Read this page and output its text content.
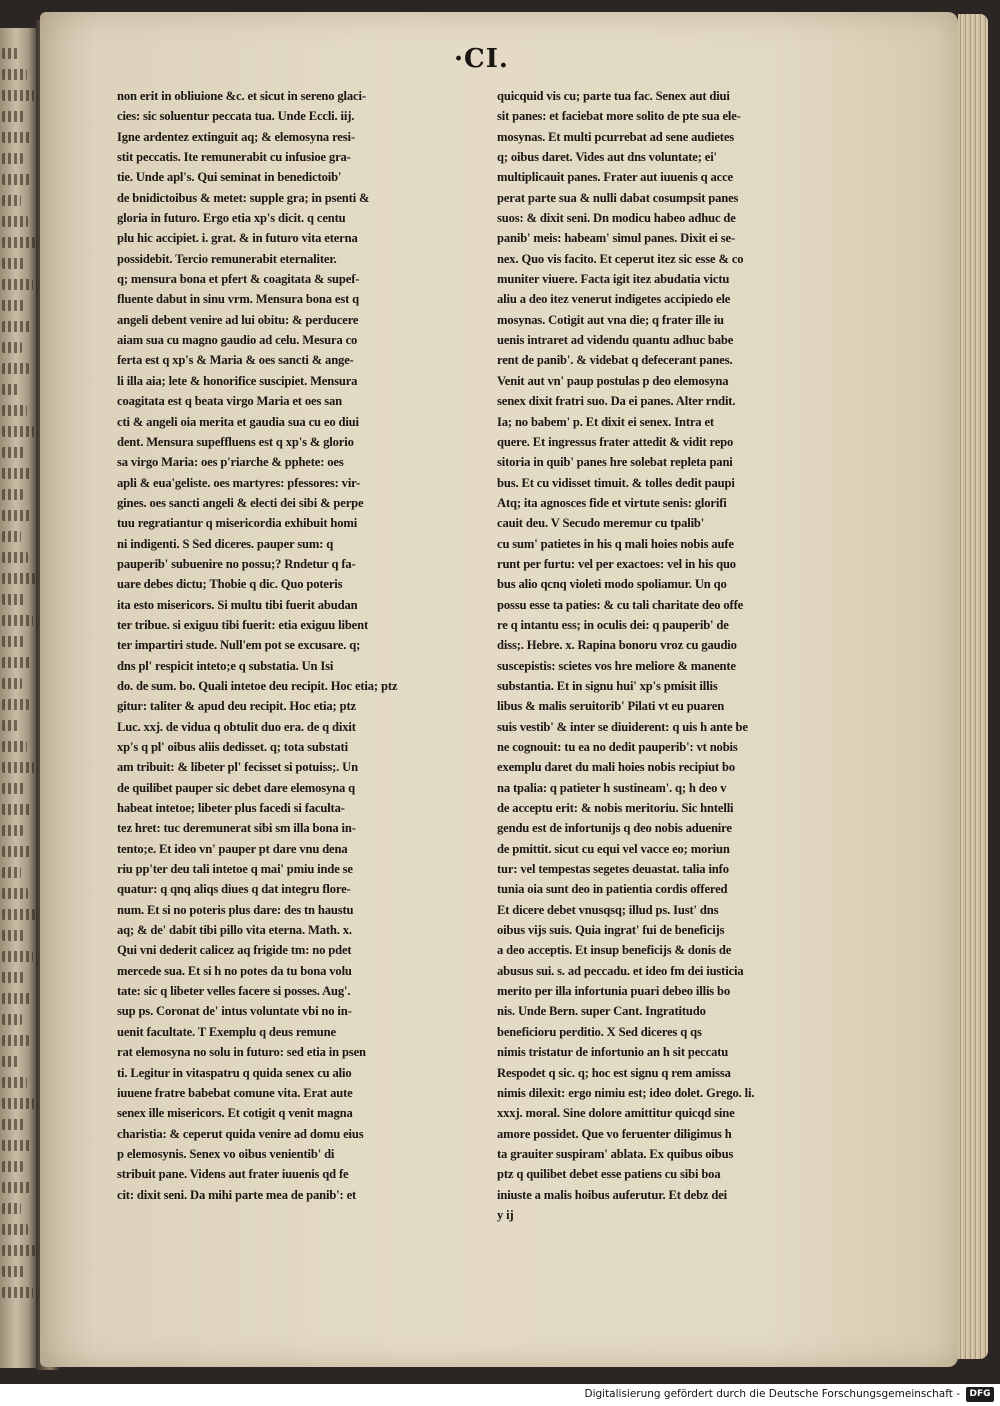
·CI.
non erit in obliuione &c. et sicut in sereno glaci-
cies: sic soluentur peccata tua. Unde Eccli. iij.
Igne ardentez extinguit aq; & elemosyna resi-
stit peccatis. Ite remunerabit cu infusioe gra-
tie. Unde apl's. Qui seminat in benedictoib'
de bnidictoibus & metet: supple gra; in psenti &
gloria in futuro. Ergo etia xp's dicit. q centu
plu hic accipiet. i. grat. & in futuro vita eterna
possidebit. Tercio remunerabit eternaliter.
q; mensura bona et pfert & coagitata & supef-
fluente dabut in sinu vrm. Mensura bona est q
angeli debent venire ad lui obitu: & perducere
aiam sua cu magno gaudio ad celu. Mesura co
ferta est q xp's & Maria & oes sancti & ange-
li illa aia; lete & honorifice suscipiet. Mensura
coagitata est q beata virgo Maria et oes san
cti & angeli oia merita et gaudia sua cu eo diui
dent. Mensura supeffluens est q xp's & glorio
sa virgo Maria: oes p'riarche & pphete: oes
apli & eua'geliste. oes martyres: pfessores: vir-
gines. oes sancti angeli & electi dei sibi & perpe
tuu regratiantur q misericordia exhibuit homi
ni indigenti. S Sed diceres. pauper sum: q
pauperib' subuenire no possu;? Rndetur q fa-
uare debes dictu; Thobie q dic. Quo poteris
ita esto misericors. Si multu tibi fuerit abudan
ter tribue. si exiguu tibi fuerit: etia exiguu libent
ter impartiri stude. Null'em pot se excusare. q;
dns pl' respicit inteto;e q substatia. Un Isi
do. de sum. bo. Quali intetoe deu recipit. Hoc etia; ptz
gitur: taliter & apud deu recipit. Hoc etia; ptz
Luc. xxj. de vidua q obtulit duo era. de q dixit
xp's q pl' oibus aliis dedisset. q; tota substati
am tribuit: & libeter pl' fecisset si potuiss;. Un
de quilibet pauper sic debet dare elemosyna q
habeat intetoe; libeter plus facedi si faculta-
tez hret: tuc deremunerat sibi sm illa bona in-
tento;e. Et ideo vn' pauper pt dare vnu dena
riu pp'ter deu tali intetoe q mai' pmiu inde se
quatur: q qnq aliqs diues q dat integru flore-
num. Et si no poteris plus dare: des tn haustu
aq; & de' dabit tibi pillo vita eterna. Math. x.
Qui vni dederit calicez aq frigide tm: no pdet
mercede sua. Et si h no potes da tu bona volu
tate: sic q libeter velles facere si posses. Aug'.
sup ps. Coronat de' intus voluntate vbi no in-
uenit facultate. T Exemplu q deus remune
rat elemosyna no solu in futuro: sed etia in psen
ti. Legitur in vitaspatru q quida senex cu alio
iuuene fratre babebat comune vita. Erat aute
senex ille misericors. Et cotigit q venit magna
charistia: & ceperut quida venire ad domu eius
p elemosynis. Senex vo oibus venientib' di
stribuit pane. Videns aut frater iuuenis qd fe
cit: dixit seni. Da mihi parte mea de panib': et
quicquid vis cu; parte tua fac. Senex aut diui
sit panes: et faciebat more solito de pte sua ele-
mosynas. Et multi pcurrebat ad sene audietes
q; oibus daret. Vides aut dns voluntate; ei'
multiplicauit panes. Frater aut iuuenis q acce
perat parte sua & nulli dabat cosumpsit panes
suos: & dixit seni. Dn modicu habeo adhuc de
panib' meis: habeam' simul panes. Dixit ei se-
nex. Quo vis facito. Et ceperut itez sic esse & co
muniter viuere. Facta igit itez abudatia victu
aliu a deo itez venerut indigetes accipiedo ele
mosynas. Cotigit aut vna die; q frater ille iu
uenis intraret ad videndu quantu adhuc babe
rent de panib'. & videbat q defecerant panes.
Venit aut vn' paup postulas p deo elemosyna
senex dixit fratri suo. Da ei panes. Alter rndit.
Ia; no babem' p. Et dixit ei senex. Intra et
quere. Et ingressus frater attedit & vidit repo
sitoria in quib' panes hre solebat repleta pani
bus. Et cu vidisset timuit. & tolles dedit paupi
Atq; ita agnosces fide et virtute senis: glorifi
cauit deu. V Secudo meremur cu tpalib'
cu sum' patietes in his q mali hoies nobis aufe
runt per furtu: vel per exactoes: vel in his quo
bus alio qcnq violeti modo spoliamur. Un qo
possu esse ta paties: & cu tali charitate deo offe
re q intantu ess; in oculis dei: q pauperib' de
diss;. Hebre. x. Rapina bonoru vroz cu gaudio
suscepistis: scietes vos hre meliore & manente
substantia. Et in signu hui' xp's pmisit illis
libus & malis seruitorib' Pilati vt eu puaren
suis vestib' & inter se diuiderent: q uis h ante be
ne cognouit: tu ea no dedit pauperib': vt nobis
exemplu daret du mali hoies nobis recipiut bo
na tpalia: q patieter h sustineam'. q; h deo v
de acceptu erit: & nobis meritoriu. Sic hntelli
gendu est de infortunijs q deo nobis aduenire
de pmittit. sicut cu equi vel vacce eo; moriun
tur: vel tempestas segetes deuastat. talia info
tunia oia sunt deo in patientia cordis offered
Et dicere debet vnusqsq; illud ps. Iust' dns
oibus vijs suis. Quia ingrat' fui de beneficijs
a deo acceptis. Et insup beneficijs & donis de
abusus sui. s. ad peccadu. et ideo fm dei iusticia
merito per illa infortunia puari debeo illis bo
nis. Unde Bern. super Cant. Ingratitudo
beneficioru perditio. X Sed diceres q qs
nimis tristatur de infortunio an h sit peccatu
Respodet q sic. q; hoc est signu q rem amissa
nimis dilexit: ergo nimiu est; ideo dolet. Grego. li.
xxxj. moral. Sine dolore amittitur quicqd sine
amore possidet. Que vo feruenter diligimus h
ta grauiter suspiram' ablata. Ex quibus oibus
ptz q quilibet debet esse patiens cu sibi boa
iniuste a malis hoibus auferutur. Et debz dei
y ij
Digitalisierung gefördert durch die Deutsche Forschungsgemeinschaft -	DFG
